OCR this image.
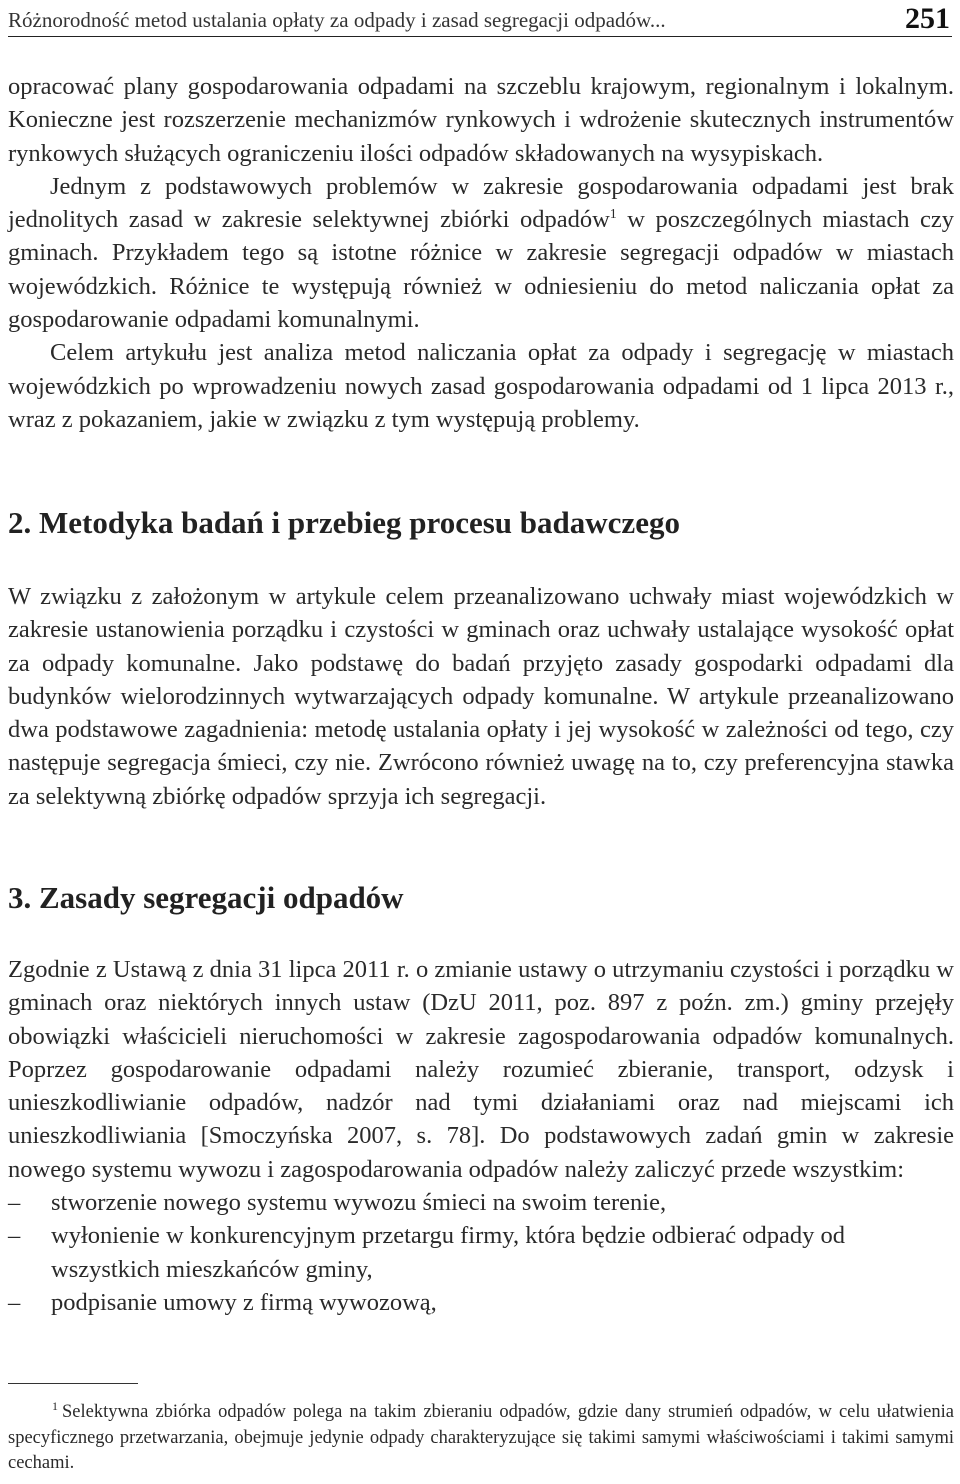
Różnorodność metod ustalania opłaty za odpady i zasad segregacji odpadów...	251

opracować plany gospodarowania odpadami na szczeblu krajowym, regionalnym i lokalnym. Konieczne jest rozszerzenie mechanizmów rynkowych i wdrożenie skutecznych instrumentów rynkowych służących ograniczeniu ilości odpadów składowanych na wysypiskach.

Jednym z podstawowych problemów w zakresie gospodarowania odpadami jest brak jednolitych zasad w zakresie selektywnej zbiórki odpadów$^1$ w poszczególnych miastach czy gminach. Przykładem tego są istotne różnice w zakresie segregacji odpadów w miastach wojewódzkich. Różnice te występują również w odniesieniu do metod naliczania opłat za gospodarowanie odpadami komunalnymi.

Celem artykułu jest analiza metod naliczania opłat za odpady i segregację w miastach wojewódzkich po wprowadzeniu nowych zasad gospodarowania odpadami od 1 lipca 2013 r., wraz z pokazaniem, jakie w związku z tym występują problemy.

2. Metodyka badań i przebieg procesu badawczego

W związku z założonym w artykule celem przeanalizowano uchwały miast wojewódzkich w zakresie ustanowienia porządku i czystości w gminach oraz uchwały ustalające wysokość opłat za odpady komunalne. Jako podstawę do badań przyjęto zasady gospodarki odpadami dla budynków wielorodzinnych wytwarzających odpady komunalne. W artykule przeanalizowano dwa podstawowe zagadnienia: metodę ustalania opłaty i jej wysokość w zależności od tego, czy następuje segregacja śmieci, czy nie. Zwrócono również uwagę na to, czy preferencyjna stawka za selektywną zbiórkę odpadów sprzyja ich segregacji.

3. Zasady segregacji odpadów

Zgodnie z Ustawą z dnia 31 lipca 2011 r. o zmianie ustawy o utrzymaniu czystości i porządku w gminach oraz niektórych innych ustaw (DzU 2011, poz. 897 z poźn. zm.) gminy przejęły obowiązki właścicieli nieruchomości w zakresie zagospodarowania odpadów komunalnych. Poprzez gospodarowanie odpadami należy rozumieć zbieranie, transport, odzysk i unieszkodliwianie odpadów, nadzór nad tymi działaniami oraz nad miejscami ich unieszkodliwiania [Smoczyńska 2007, s. 78]. Do podstawowych zadań gmin w zakresie nowego systemu wywozu i zagospodarowania odpadów należy zaliczyć przede wszystkim:

– stworzenie nowego systemu wywozu śmieci na swoim terenie,
– wyłonienie w konkurencyjnym przetargu firmy, która będzie odbierać odpady od wszystkich mieszkańców gminy,
– podpisanie umowy z firmą wywozową,

$^1$ Selektywna zbiórka odpadów polega na takim zbieraniu odpadów, gdzie dany strumień odpadów, w celu ułatwienia specyficznego przetwarzania, obejmuje jedynie odpady charakteryzujące się takimi samymi właściwościami i takimi samymi cechami.
